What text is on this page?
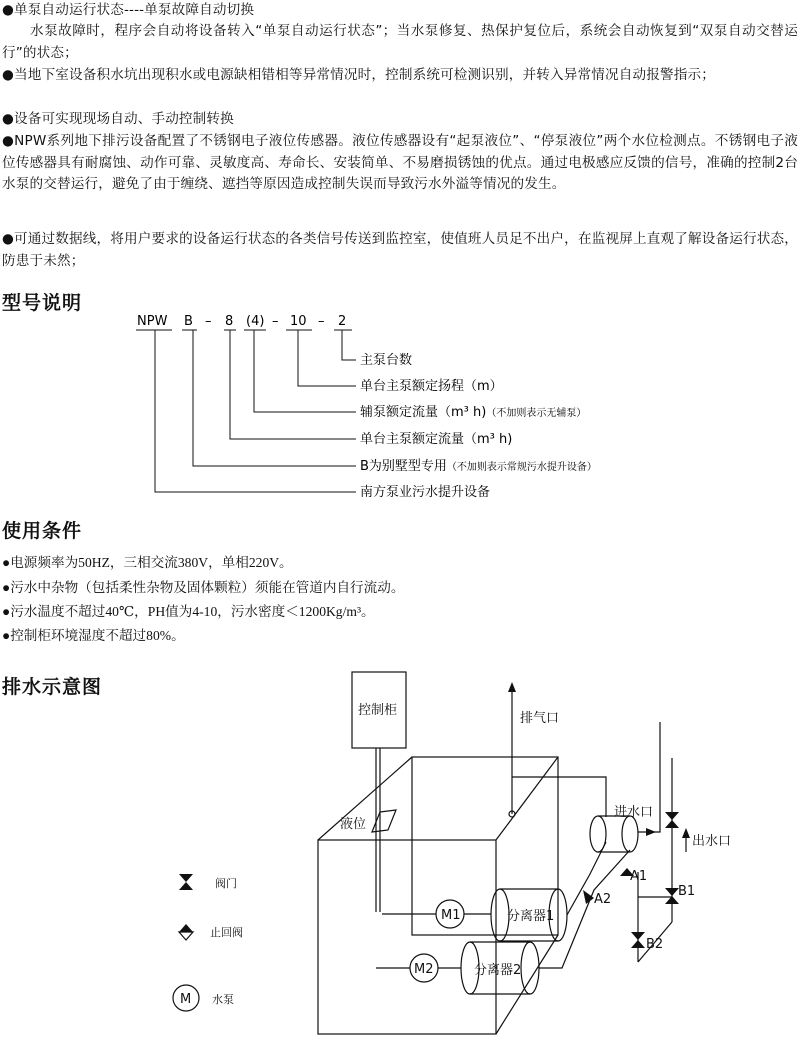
●单泵自动运行状态----单泵故障自动切换

水泵故障时，程序会自动将设备转入“单泵自动运行状态”；当水泵修复、热保护复位后，系统会自动恢复到“双泵自动交替运行”的状态；

●当地下室设备积水坑出现积水或电源缺相错相等异常情况时，控制系统可检测识别，并转入异常情况自动报警指示；

●设备可实现现场自动、手动控制转换

●NPW系列地下排污设备配置了不锈钢电子液位传感器。液位传感器设有“起泵液位”、“停泵液位”两个水位检测点。不锈钢电子液位传感器具有耐腐蚀、动作可靠、灵敏度高、寿命长、安装简单、不易磨损锈蚀的优点。通过电极感应反馈的信号，准确的控制2台水泵的交替运行，避免了由于缠绕、遮挡等原因造成控制失误而导致污水外溢等情况的发生。

●可通过数据线，将用户要求的设备运行状态的各类信号传送到监控室，使值班人员足不出户，在监视屏上直观了解设备运行状态，防患于未然；

型号说明
NPW B – 8 (4) – 10 – 2
主泵台数
单台主泵额定扬程（m）
辅泵额定流量（m³ h)（不加则表示无辅泵）
单台主泵额定流量（m³ h)
B为别墅型专用（不加则表示常规污水提升设备）
南方泵业污水提升设备
使用条件

●电源频率为50HZ，三相交流380V，单相220V。

●污水中杂物（包括柔性杂物及固体颗粒）须能在管道内自行流动。

●污水温度不超过40℃，PH值为4-10，污水密度＜1200Kg/m³。

●控制柜环境湿度不超过80%。

排水示意图
控制柜
排气口
液位
进水口
出水口
M1
M2
分离器1
分离器2
A1
A2
B1
B2
M
阀门
止回阀
水泵
